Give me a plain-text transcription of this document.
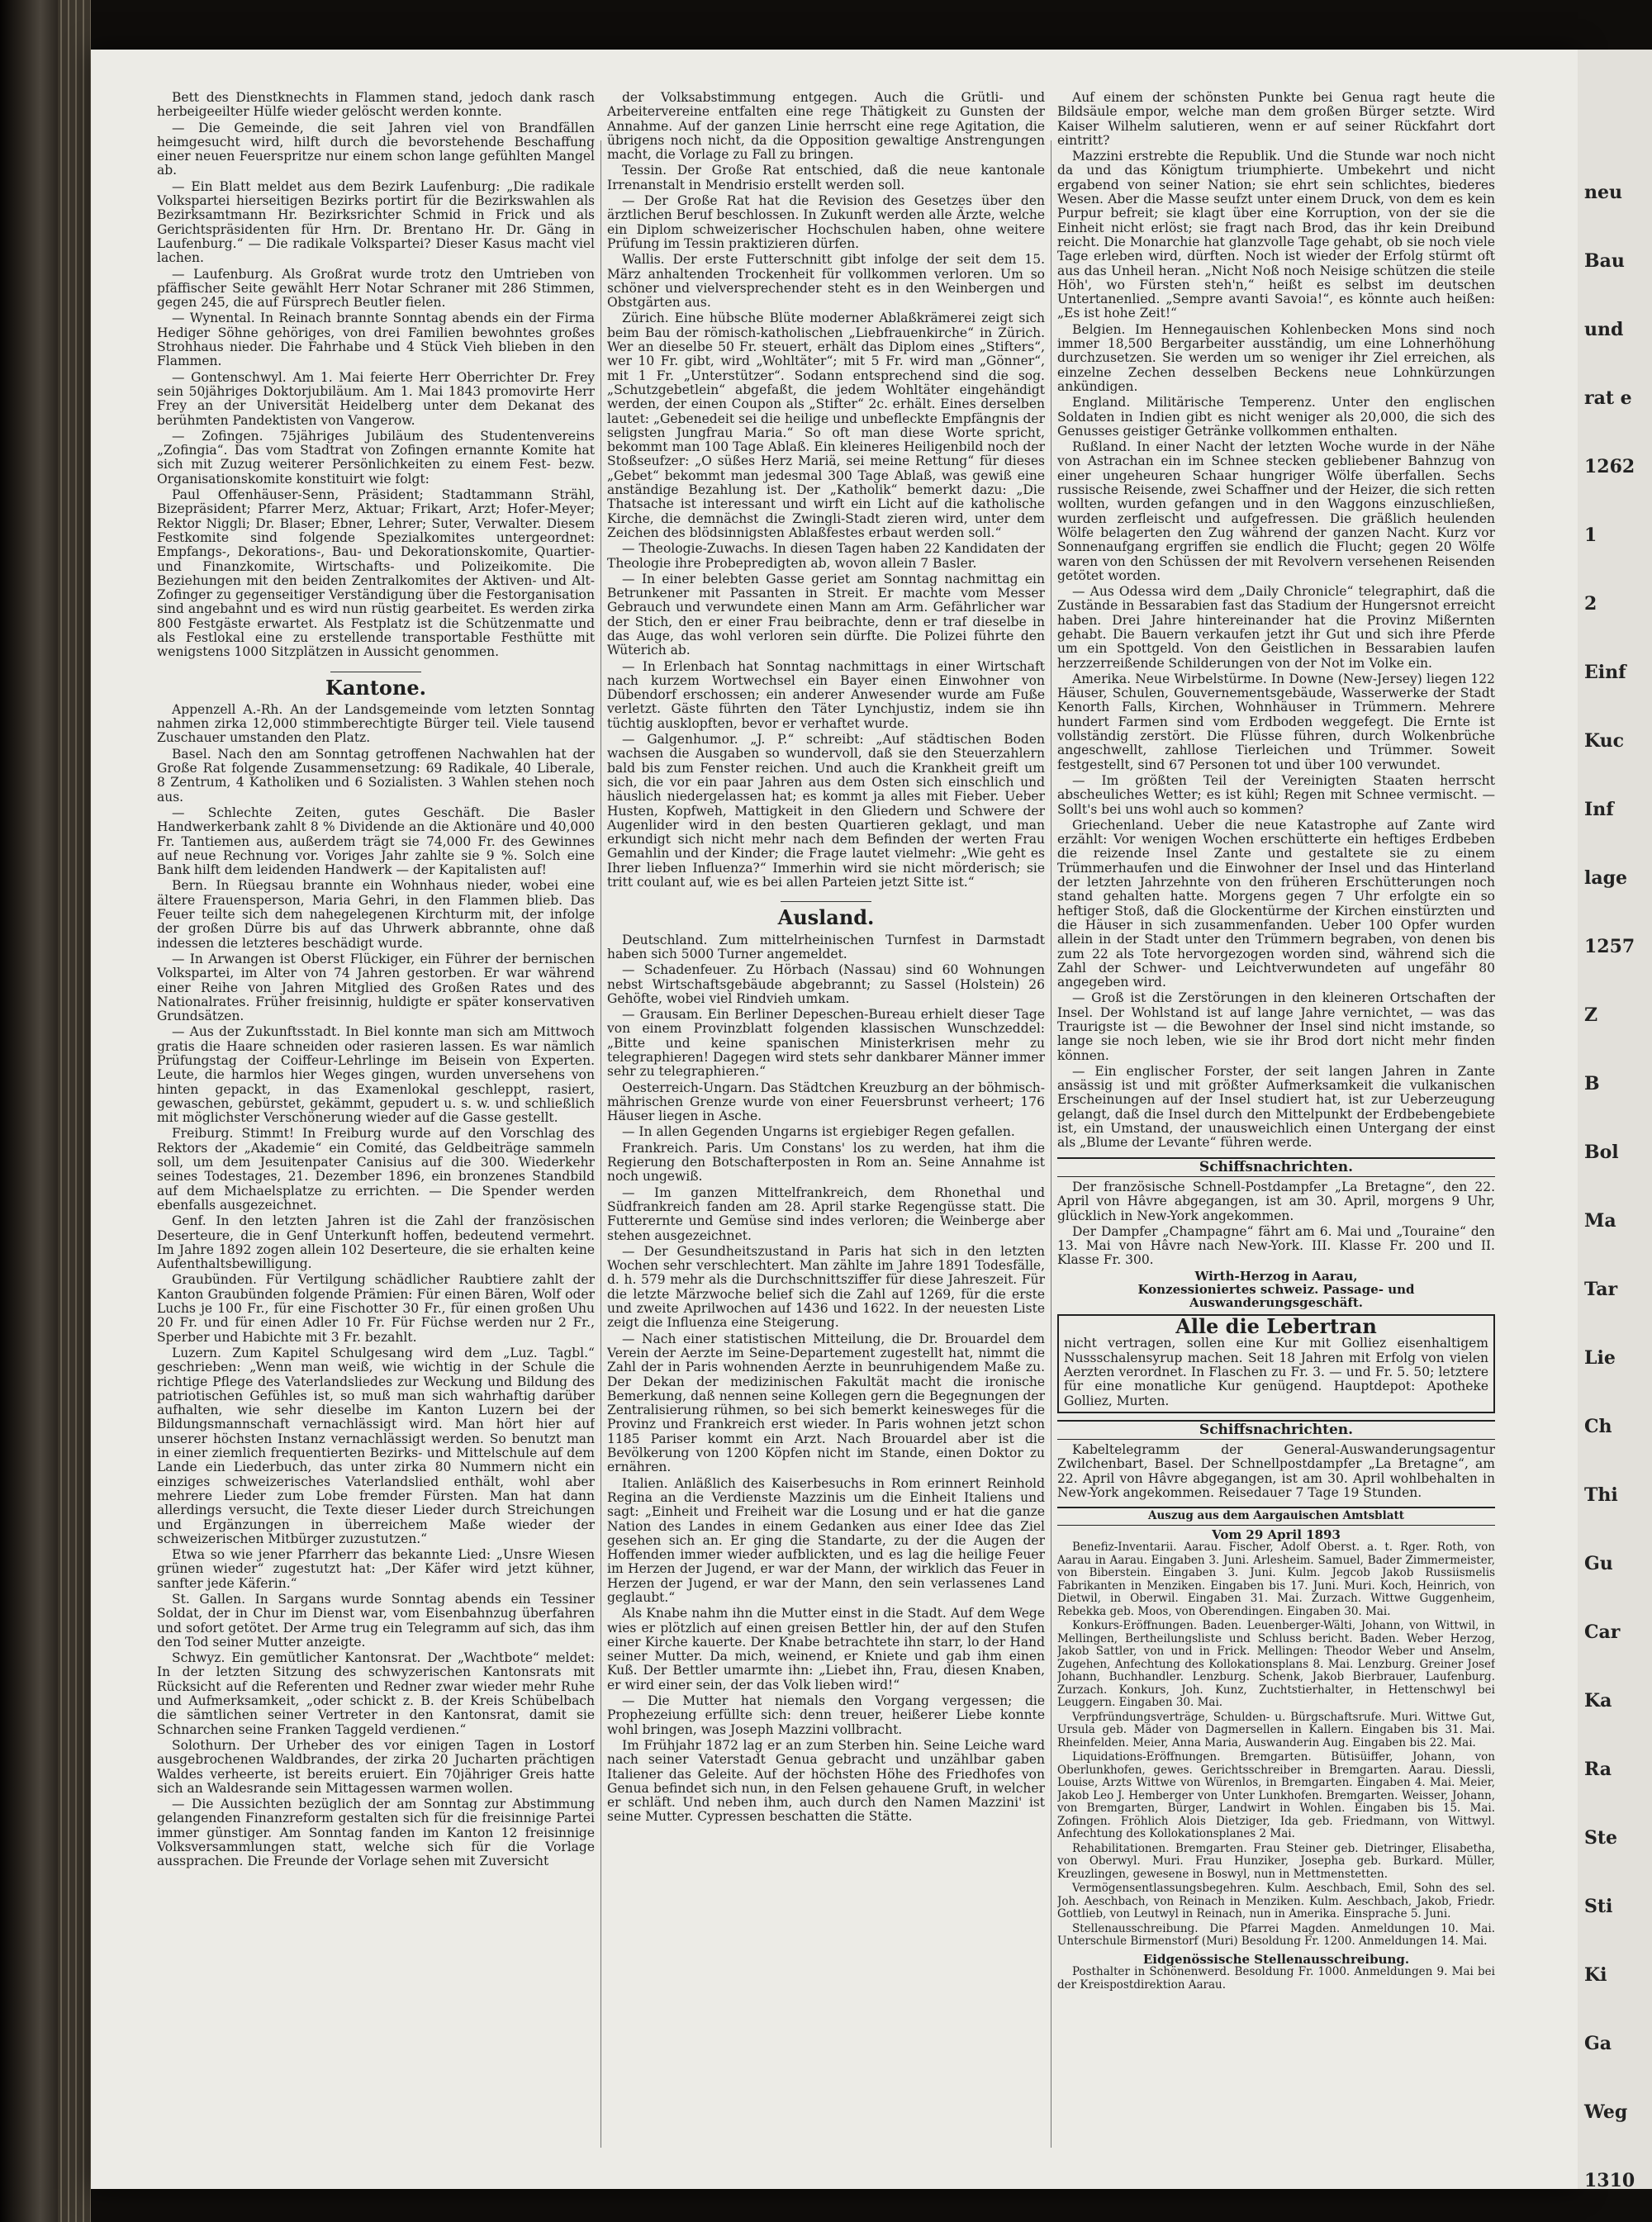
neu
Bau
und
rat e
1262
1
2
Einf
Kuc
Inf
lage
1257
Z
B
Bol
Ma
Tar
Lie
Ch
Thi
Gu
Car
Ka
Ra
Ste
Sti
Ki
Ga
Weg
1310

Bett des Dienstknechts in Flammen stand, jedoch dank rasch herbeigeeilter Hülfe wieder gelöscht werden konnte.

— Die Gemeinde, die seit Jahren viel von Brandfällen heimgesucht wird, hilft durch die bevorstehende Beschaffung einer neuen Feuerspritze nur einem schon lange gefühlten Mangel ab.

— Ein Blatt meldet aus dem Bezirk Laufenburg: „Die radikale Volkspartei hierseitigen Bezirks portirt für die Bezirkswahlen als Bezirksamtmann Hr. Bezirksrichter Schmid in Frick und als Gerichtspräsidenten für Hrn. Dr. Brentano Hr. Dr. Gäng in Laufenburg.“ — Die radikale Volkspartei? Dieser Kasus macht viel lachen.

— Laufenburg. Als Großrat wurde trotz den Umtrieben von pfäffischer Seite gewählt Herr Notar Schraner mit 286 Stimmen, gegen 245, die auf Fürsprech Beutler fielen.

— Wynental. In Reinach brannte Sonntag abends ein der Firma Hediger Söhne gehöriges, von drei Familien bewohntes großes Strohhaus nieder. Die Fahrhabe und 4 Stück Vieh blieben in den Flammen.

— Gontenschwyl. Am 1. Mai feierte Herr Oberrichter Dr. Frey sein 50jähriges Doktorjubiläum. Am 1. Mai 1843 promovirte Herr Frey an der Universität Heidelberg unter dem Dekanat des berühmten Pandektisten von Vangerow.

— Zofingen. 75jähriges Jubiläum des Studentenvereins „Zofingia“. Das vom Stadtrat von Zofingen ernannte Komite hat sich mit Zuzug weiterer Persönlichkeiten zu einem Fest- bezw. Organisationskomite konstituirt wie folgt:

Paul Offenhäuser-Senn, Präsident; Stadtammann Strähl, Bizepräsident; Pfarrer Merz, Aktuar; Frikart, Arzt; Hofer-Meyer; Rektor Niggli; Dr. Blaser; Ebner, Lehrer; Suter, Verwalter. Diesem Festkomite sind folgende Spezialkomites untergeordnet: Empfangs-, Dekorations-, Bau- und Dekorationskomite, Quartier- und Finanzkomite, Wirtschafts- und Polizeikomite. Die Beziehungen mit den beiden Zentralkomites der Aktiven- und Alt-Zofinger zu gegenseitiger Verständigung über die Festorganisation sind angebahnt und es wird nun rüstig gearbeitet. Es werden zirka 800 Festgäste erwartet. Als Festplatz ist die Schützenmatte und als Festlokal eine zu erstellende transportable Festhütte mit wenigstens 1000 Sitzplätzen in Aussicht genommen.

Kantone.

Appenzell A.-Rh. An der Landsgemeinde vom letzten Sonntag nahmen zirka 12,000 stimmberechtigte Bürger teil. Viele tausend Zuschauer umstanden den Platz.

Basel. Nach den am Sonntag getroffenen Nachwahlen hat der Große Rat folgende Zusammensetzung: 69 Radikale, 40 Liberale, 8 Zentrum, 4 Katholiken und 6 Sozialisten. 3 Wahlen stehen noch aus.

— Schlechte Zeiten, gutes Geschäft. Die Basler Handwerkerbank zahlt 8 % Dividende an die Aktionäre und 40,000 Fr. Tantiemen aus, außerdem trägt sie 74,000 Fr. des Gewinnes auf neue Rechnung vor. Voriges Jahr zahlte sie 9 %. Solch eine Bank hilft dem leidenden Handwerk — der Kapitalisten auf!

Bern. In Rüegsau brannte ein Wohnhaus nieder, wobei eine ältere Frauensperson, Maria Gehri, in den Flammen blieb. Das Feuer teilte sich dem nahegelegenen Kirchturm mit, der infolge der großen Dürre bis auf das Uhrwerk abbrannte, ohne daß indessen die letzteres beschädigt wurde.

— In Arwangen ist Oberst Flückiger, ein Führer der bernischen Volkspartei, im Alter von 74 Jahren gestorben. Er war während einer Reihe von Jahren Mitglied des Großen Rates und des Nationalrates. Früher freisinnig, huldigte er später konservativen Grundsätzen.

— Aus der Zukunftsstadt. In Biel konnte man sich am Mittwoch gratis die Haare schneiden oder rasieren lassen. Es war nämlich Prüfungstag der Coiffeur-Lehrlinge im Beisein von Experten. Leute, die harmlos hier Weges gingen, wurden unversehens von hinten gepackt, in das Examenlokal geschleppt, rasiert, gewaschen, gebürstet, gekämmt, gepudert u. s. w. und schließlich mit möglichster Verschönerung wieder auf die Gasse gestellt.

Freiburg. Stimmt! In Freiburg wurde auf den Vorschlag des Rektors der „Akademie“ ein Comité, das Geldbeiträge sammeln soll, um dem Jesuitenpater Canisius auf die 300. Wiederkehr seines Todestages, 21. Dezember 1896, ein bronzenes Standbild auf dem Michaelsplatze zu errichten. — Die Spender werden ebenfalls ausgezeichnet.

Genf. In den letzten Jahren ist die Zahl der französischen Deserteure, die in Genf Unterkunft hoffen, bedeutend vermehrt. Im Jahre 1892 zogen allein 102 Deserteure, die sie erhalten keine Aufenthaltsbewilligung.

Graubünden. Für Vertilgung schädlicher Raubtiere zahlt der Kanton Graubünden folgende Prämien: Für einen Bären, Wolf oder Luchs je 100 Fr., für eine Fischotter 30 Fr., für einen großen Uhu 20 Fr. und für einen Adler 10 Fr. Für Füchse werden nur 2 Fr., Sperber und Habichte mit 3 Fr. bezahlt.

Luzern. Zum Kapitel Schulgesang wird dem „Luz. Tagbl.“ geschrieben: „Wenn man weiß, wie wichtig in der Schule die richtige Pflege des Vaterlandsliedes zur Weckung und Bildung des patriotischen Gefühles ist, so muß man sich wahrhaftig darüber aufhalten, wie sehr dieselbe im Kanton Luzern bei der Bildungsmannschaft vernachlässigt wird. Man hört hier auf unserer höchsten Instanz vernachlässigt werden. So benutzt man in einer ziemlich frequentierten Bezirks- und Mittelschule auf dem Lande ein Liederbuch, das unter zirka 80 Nummern nicht ein einziges schweizerisches Vaterlandslied enthält, wohl aber mehrere Lieder zum Lobe fremder Fürsten. Man hat dann allerdings versucht, die Texte dieser Lieder durch Streichungen und Ergänzungen in überreichem Maße wieder der schweizerischen Mitbürger zuzustutzen.“

Etwa so wie jener Pfarrherr das bekannte Lied: „Unsre Wiesen grünen wieder“ zugestutzt hat: „Der Käfer wird jetzt kühner, sanfter jede Käferin.“

St. Gallen. In Sargans wurde Sonntag abends ein Tessiner Soldat, der in Chur im Dienst war, vom Eisenbahnzug überfahren und sofort getötet. Der Arme trug ein Telegramm auf sich, das ihm den Tod seiner Mutter anzeigte.

Schwyz. Ein gemütlicher Kantonsrat. Der „Wachtbote“ meldet: In der letzten Sitzung des schwyzerischen Kantonsrats mit Rücksicht auf die Referenten und Redner zwar wieder mehr Ruhe und Aufmerksamkeit, „oder schickt z. B. der Kreis Schübelbach die sämtlichen seiner Vertreter in den Kantonsrat, damit sie Schnarchen seine Franken Taggeld verdienen.“

Solothurn. Der Urheber des vor einigen Tagen in Lostorf ausgebrochenen Waldbrandes, der zirka 20 Jucharten prächtigen Waldes verheerte, ist bereits eruiert. Ein 70jähriger Greis hatte sich an Waldesrande sein Mittagessen warmen wollen.

— Die Aussichten bezüglich der am Sonntag zur Abstimmung gelangenden Finanzreform gestalten sich für die freisinnige Partei immer günstiger. Am Sonntag fanden im Kanton 12 freisinnige Volksversammlungen statt, welche sich für die Vorlage aussprachen. Die Freunde der Vorlage sehen mit Zuversicht

der Volksabstimmung entgegen. Auch die Grütli- und Arbeitervereine entfalten eine rege Thätigkeit zu Gunsten der Annahme. Auf der ganzen Linie herrscht eine rege Agitation, die übrigens noch nicht, da die Opposition gewaltige Anstrengungen macht, die Vorlage zu Fall zu bringen.

Tessin. Der Große Rat entschied, daß die neue kantonale Irrenanstalt in Mendrisio erstellt werden soll.

— Der Große Rat hat die Revision des Gesetzes über den ärztlichen Beruf beschlossen. In Zukunft werden alle Ärzte, welche ein Diplom schweizerischer Hochschulen haben, ohne weitere Prüfung im Tessin praktizieren dürfen.

Wallis. Der erste Futterschnitt gibt infolge der seit dem 15. März anhaltenden Trockenheit für vollkommen verloren. Um so schöner und vielversprechender steht es in den Weinbergen und Obstgärten aus.

Zürich. Eine hübsche Blüte moderner Ablaßkrämerei zeigt sich beim Bau der römisch-katholischen „Liebfrauenkirche“ in Zürich. Wer an dieselbe 50 Fr. steuert, erhält das Diplom eines „Stifters“, wer 10 Fr. gibt, wird „Wohltäter“; mit 5 Fr. wird man „Gönner“, mit 1 Fr. „Unterstützer“. Sodann entsprechend sind die sog. „Schutzgebetlein“ abgefaßt, die jedem Wohltäter eingehändigt werden, der einen Coupon als „Stifter“ 2c. erhält. Eines derselben lautet: „Gebenedeit sei die heilige und unbefleckte Empfängnis der seligsten Jungfrau Maria.“ So oft man diese Worte spricht, bekommt man 100 Tage Ablaß. Ein kleineres Heiligenbild noch der Stoßseufzer: „O süßes Herz Mariä, sei meine Rettung“ für dieses „Gebet“ bekommt man jedesmal 300 Tage Ablaß, was gewiß eine anständige Bezahlung ist. Der „Katholik“ bemerkt dazu: „Die Thatsache ist interessant und wirft ein Licht auf die katholische Kirche, die demnächst die Zwingli-Stadt zieren wird, unter dem Zeichen des blödsinnigsten Ablaßfestes erbaut werden soll.“

— Theologie-Zuwachs. In diesen Tagen haben 22 Kandidaten der Theologie ihre Probepredigten ab, wovon allein 7 Basler.

— In einer belebten Gasse geriet am Sonntag nachmittag ein Betrunkener mit Passanten in Streit. Er machte vom Messer Gebrauch und verwundete einen Mann am Arm. Gefährlicher war der Stich, den er einer Frau beibrachte, denn er traf dieselbe in das Auge, das wohl verloren sein dürfte. Die Polizei führte den Wüterich ab.

— In Erlenbach hat Sonntag nachmittags in einer Wirtschaft nach kurzem Wortwechsel ein Bayer einen Einwohner von Dübendorf erschossen; ein anderer Anwesender wurde am Fuße verletzt. Gäste führten den Täter Lynchjustiz, indem sie ihn tüchtig ausklopften, bevor er verhaftet wurde.

— Galgenhumor. „J. P.“ schreibt: „Auf städtischen Boden wachsen die Ausgaben so wundervoll, daß sie den Steuerzahlern bald bis zum Fenster reichen. Und auch die Krankheit greift um sich, die vor ein paar Jahren aus dem Osten sich einschlich und häuslich niedergelassen hat; es kommt ja alles mit Fieber. Ueber Husten, Kopfweh, Mattigkeit in den Gliedern und Schwere der Augenlider wird in den besten Quartieren geklagt, und man erkundigt sich nicht mehr nach dem Befinden der werten Frau Gemahlin und der Kinder; die Frage lautet vielmehr: „Wie geht es Ihrer lieben Influenza?“ Immerhin wird sie nicht mörderisch; sie tritt coulant auf, wie es bei allen Parteien jetzt Sitte ist.“

Ausland.

Deutschland. Zum mittelrheinischen Turnfest in Darmstadt haben sich 5000 Turner angemeldet.

— Schadenfeuer. Zu Hörbach (Nassau) sind 60 Wohnungen nebst Wirtschaftsgebäude abgebrannt; zu Sassel (Holstein) 26 Gehöfte, wobei viel Rindvieh umkam.

— Grausam. Ein Berliner Depeschen-Bureau erhielt dieser Tage von einem Provinzblatt folgenden klassischen Wunschzeddel: „Bitte und keine spanischen Ministerkrisen mehr zu telegraphieren! Dagegen wird stets sehr dankbarer Männer immer sehr zu telegraphieren.“

Oesterreich-Ungarn. Das Städtchen Kreuzburg an der böhmisch-mährischen Grenze wurde von einer Feuersbrunst verheert; 176 Häuser liegen in Asche.

— In allen Gegenden Ungarns ist ergiebiger Regen gefallen.

Frankreich. Paris. Um Constans' los zu werden, hat ihm die Regierung den Botschafterposten in Rom an. Seine Annahme ist noch ungewiß.

— Im ganzen Mittelfrankreich, dem Rhonethal und Südfrankreich fanden am 28. April starke Regengüsse statt. Die Futterernte und Gemüse sind indes verloren; die Weinberge aber stehen ausgezeichnet.

— Der Gesundheitszustand in Paris hat sich in den letzten Wochen sehr verschlechtert. Man zählte im Jahre 1891 Todesfälle, d. h. 579 mehr als die Durchschnittsziffer für diese Jahreszeit. Für die letzte Märzwoche belief sich die Zahl auf 1269, für die erste und zweite Aprilwochen auf 1436 und 1622. In der neuesten Liste zeigt die Influenza eine Steigerung.

— Nach einer statistischen Mitteilung, die Dr. Brouardel dem Verein der Aerzte im Seine-Departement zugestellt hat, nimmt die Zahl der in Paris wohnenden Aerzte in beunruhigendem Maße zu. Der Dekan der medizinischen Fakultät macht die ironische Bemerkung, daß nennen seine Kollegen gern die Begegnungen der Zentralisierung rühmen, so bei sich bemerkt keinesweges für die Provinz und Frankreich erst wieder. In Paris wohnen jetzt schon 1185 Pariser kommt ein Arzt. Nach Brouardel aber ist die Bevölkerung von 1200 Köpfen nicht im Stande, einen Doktor zu ernähren.

Italien. Anläßlich des Kaiserbesuchs in Rom erinnert Reinhold Regina an die Verdienste Mazzinis um die Einheit Italiens und sagt: „Einheit und Freiheit war die Losung und er hat die ganze Nation des Landes in einem Gedanken aus einer Idee das Ziel gesehen sich an. Er ging die Standarte, zu der die Augen der Hoffenden immer wieder aufblickten, und es lag die heilige Feuer im Herzen der Jugend, er war der Mann, der wirklich das Feuer in Herzen der Jugend, er war der Mann, den sein verlassenes Land geglaubt.“

Als Knabe nahm ihn die Mutter einst in die Stadt. Auf dem Wege wies er plötzlich auf einen greisen Bettler hin, der auf den Stufen einer Kirche kauerte. Der Knabe betrachtete ihn starr, lo der Hand seiner Mutter. Da mich, weinend, er Kniete und gab ihm einen Kuß. Der Bettler umarmte ihn: „Liebet ihn, Frau, diesen Knaben, er wird einer sein, der das Volk lieben wird!“

— Die Mutter hat niemals den Vorgang vergessen; die Prophezeiung erfüllte sich: denn treuer, heißerer Liebe konnte wohl bringen, was Joseph Mazzini vollbracht.

Im Frühjahr 1872 lag er an zum Sterben hin. Seine Leiche ward nach seiner Vaterstadt Genua gebracht und unzählbar gaben Italiener das Geleite. Auf der höchsten Höhe des Friedhofes von Genua befindet sich nun, in den Felsen gehauene Gruft, in welcher er schläft. Und neben ihm, auch durch den Namen Mazzini' ist seine Mutter. Cypressen beschatten die Stätte.

Auf einem der schönsten Punkte bei Genua ragt heute die Bildsäule empor, welche man dem großen Bürger setzte. Wird Kaiser Wilhelm salutieren, wenn er auf seiner Rückfahrt dort eintritt?

Mazzini erstrebte die Republik. Und die Stunde war noch nicht da und das Königtum triumphierte. Umbekehrt und nicht ergabend von seiner Nation; sie ehrt sein schlichtes, biederes Wesen. Aber die Masse seufzt unter einem Druck, von dem es kein Purpur befreit; sie klagt über eine Korruption, von der sie die Einheit nicht erlöst; sie fragt nach Brod, das ihr kein Dreibund reicht. Die Monarchie hat glanzvolle Tage gehabt, ob sie noch viele Tage erleben wird, dürften. Noch ist wieder der Erfolg stürmt oft aus das Unheil heran. „Nicht Noß noch Neisige schützen die steile Höh', wo Fürsten steh'n,“ heißt es selbst im deutschen Untertanenlied. „Sempre avanti Savoia!“, es könnte auch heißen: „Es ist hohe Zeit!“

Belgien. Im Hennegauischen Kohlenbecken Mons sind noch immer 18,500 Bergarbeiter ausständig, um eine Lohnerhöhung durchzusetzen. Sie werden um so weniger ihr Ziel erreichen, als einzelne Zechen desselben Beckens neue Lohnkürzungen ankündigen.

England. Militärische Temperenz. Unter den englischen Soldaten in Indien gibt es nicht weniger als 20,000, die sich des Genusses geistiger Getränke vollkommen enthalten.

Rußland. In einer Nacht der letzten Woche wurde in der Nähe von Astrachan ein im Schnee stecken gebliebener Bahnzug von einer ungeheuren Schaar hungriger Wölfe überfallen. Sechs russische Reisende, zwei Schaffner und der Heizer, die sich retten wollten, wurden gefangen und in den Waggons einzuschließen, wurden zerfleischt und aufgefressen. Die gräßlich heulenden Wölfe belagerten den Zug während der ganzen Nacht. Kurz vor Sonnenaufgang ergriffen sie endlich die Flucht; gegen 20 Wölfe waren von den Schüssen der mit Revolvern versehenen Reisenden getötet worden.

— Aus Odessa wird dem „Daily Chronicle“ telegraphirt, daß die Zustände in Bessarabien fast das Stadium der Hungersnot erreicht haben. Drei Jahre hintereinander hat die Provinz Mißernten gehabt. Die Bauern verkaufen jetzt ihr Gut und sich ihre Pferde um ein Spottgeld. Von den Geistlichen in Bessarabien laufen herzzerreißende Schilderungen von der Not im Volke ein.

Amerika. Neue Wirbelstürme. In Downe (New-Jersey) liegen 122 Häuser, Schulen, Gouvernementsgebäude, Wasserwerke der Stadt Kenorth Falls, Kirchen, Wohnhäuser in Trümmern. Mehrere hundert Farmen sind vom Erdboden weggefegt. Die Ernte ist vollständig zerstört. Die Flüsse führen, durch Wolkenbrüche angeschwellt, zahllose Tierleichen und Trümmer. Soweit festgestellt, sind 67 Personen tot und über 100 verwundet.

— Im größten Teil der Vereinigten Staaten herrscht abscheuliches Wetter; es ist kühl; Regen mit Schnee vermischt. — Sollt's bei uns wohl auch so kommen?

Griechenland. Ueber die neue Katastrophe auf Zante wird erzählt: Vor wenigen Wochen erschütterte ein heftiges Erdbeben die reizende Insel Zante und gestaltete sie zu einem Trümmerhaufen und die Einwohner der Insel und das Hinterland der letzten Jahrzehnte von den früheren Erschütterungen noch stand gehalten hatte. Morgens gegen 7 Uhr erfolgte ein so heftiger Stoß, daß die Glockentürme der Kirchen einstürzten und die Häuser in sich zusammenfanden. Ueber 100 Opfer wurden allein in der Stadt unter den Trümmern begraben, von denen bis zum 22 als Tote hervorgezogen worden sind, während sich die Zahl der Schwer- und Leichtverwundeten auf ungefähr 80 angegeben wird.

— Groß ist die Zerstörungen in den kleineren Ortschaften der Insel. Der Wohlstand ist auf lange Jahre vernichtet, — was das Traurigste ist — die Bewohner der Insel sind nicht imstande, so lange sie noch leben, wie sie ihr Brod dort nicht mehr finden können.

— Ein englischer Forster, der seit langen Jahren in Zante ansässig ist und mit größter Aufmerksamkeit die vulkanischen Erscheinungen auf der Insel studiert hat, ist zur Ueberzeugung gelangt, daß die Insel durch den Mittelpunkt der Erdbebengebiete ist, ein Umstand, der unausweichlich einen Untergang der einst als „Blume der Levante“ führen werde.

Schiffsnachrichten.

Der französische Schnell-Postdampfer „La Bretagne“, den 22. April von Hâvre abgegangen, ist am 30. April, morgens 9 Uhr, glücklich in New-York angekommen.

Der Dampfer „Champagne“ fährt am 6. Mai und „Touraine“ den 13. Mai von Hâvre nach New-York. III. Klasse Fr. 200 und II. Klasse Fr. 300.

Wirth-Herzog in Aarau,
Konzessioniertes schweiz. Passage- und Auswanderungsgeschäft.
Alle die Lebertran
nicht vertragen, sollen eine Kur mit Golliez eisenhaltigem Nussschalensyrup machen. Seit 18 Jahren mit Erfolg von vielen Aerzten verordnet. In Flaschen zu Fr. 3. — und Fr. 5. 50; letztere für eine monatliche Kur genügend. Hauptdepot: Apotheke Golliez, Murten.
Schiffsnachrichten.

Kabeltelegramm der General-Auswanderungsagentur Zwilchenbart, Basel. Der Schnellpostdampfer „La Bretagne“, am 22. April von Hâvre abgegangen, ist am 30. April wohlbehalten in New-York angekommen. Reisedauer 7 Tage 19 Stunden.

Auszug aus dem Aargauischen Amtsblatt
Vom 29 April 1893

Benefiz-Inventarii. Aarau. Fischer, Adolf Oberst. a. t. Rger. Roth, von Aarau in Aarau. Eingaben 3. Juni. Arlesheim. Samuel, Bader Zimmermeister, von Biberstein. Eingaben 3. Juni. Kulm. Jegcob Jakob Russiismelis Fabrikanten in Menziken. Eingaben bis 17. Juni. Muri. Koch, Heinrich, von Dietwil, in Oberwil. Eingaben 31. Mai. Zurzach. Wittwe Guggenheim, Rebekka geb. Moos, von Oberendingen. Eingaben 30. Mai.

Konkurs-Eröffnungen. Baden. Leuenberger-Wälti, Johann, von Wittwil, in Mellingen, Bertheilungsliste und Schluss bericht. Baden. Weber Herzog, Jakob Sattler, von und in Frick. Mellingen: Theodor Weber und Anselm, Zugehen, Anfechtung des Kollokationsplans 8. Mai. Lenzburg. Greiner Josef Johann, Buchhandler. Lenzburg. Schenk, Jakob Bierbrauer, Laufenburg. Zurzach. Konkurs, Joh. Kunz, Zuchtstierhalter, in Hettenschwyl bei Leuggern. Eingaben 30. Mai.

Verpfründungsverträge, Schulden- u. Bürgschaftsrufe. Muri. Wittwe Gut, Ursula geb. Mäder von Dagmersellen in Kallern. Eingaben bis 31. Mai. Rheinfelden. Meier, Anna Maria, Auswanderin Aug. Eingaben bis 22. Mai.

Liquidations-Eröffnungen. Bremgarten. Bütisüiffer, Johann, von Oberlunkhofen, gewes. Gerichtsschreiber in Bremgarten. Aarau. Diessli, Louise, Arzts Wittwe von Würenlos, in Bremgarten. Eingaben 4. Mai. Meier, Jakob Leo J. Hemberger von Unter Lunkhofen. Bremgarten. Weisser, Johann, von Bremgarten, Bürger, Landwirt in Wohlen. Eingaben bis 15. Mai. Zofingen. Fröhlich Alois Dietziger, Ida geb. Friedmann, von Wittwyl. Anfechtung des Kollokationsplanes 2 Mai.

Rehabilitationen. Bremgarten. Frau Steiner geb. Dietringer, Elisabetha, von Oberwyl. Muri. Frau Hunziker, Josepha geb. Burkard. Müller, Kreuzlingen, gewesene in Boswyl, nun in Mettmenstetten.

Vermögensentlassungsbegehren. Kulm. Aeschbach, Emil, Sohn des sel. Joh. Aeschbach, von Reinach in Menziken. Kulm. Aeschbach, Jakob, Friedr. Gottlieb, von Leutwyl in Reinach, nun in Amerika. Einsprache 5. Juni.

Stellenausschreibung. Die Pfarrei Magden. Anmeldungen 10. Mai. Unterschule Birmenstorf (Muri) Besoldung Fr. 1200. Anmeldungen 14. Mai.

Eidgenössische Stellenausschreibung.

Posthalter in Schönenwerd. Besoldung Fr. 1000. Anmeldungen 9. Mai bei der Kreispostdirektion Aarau.
